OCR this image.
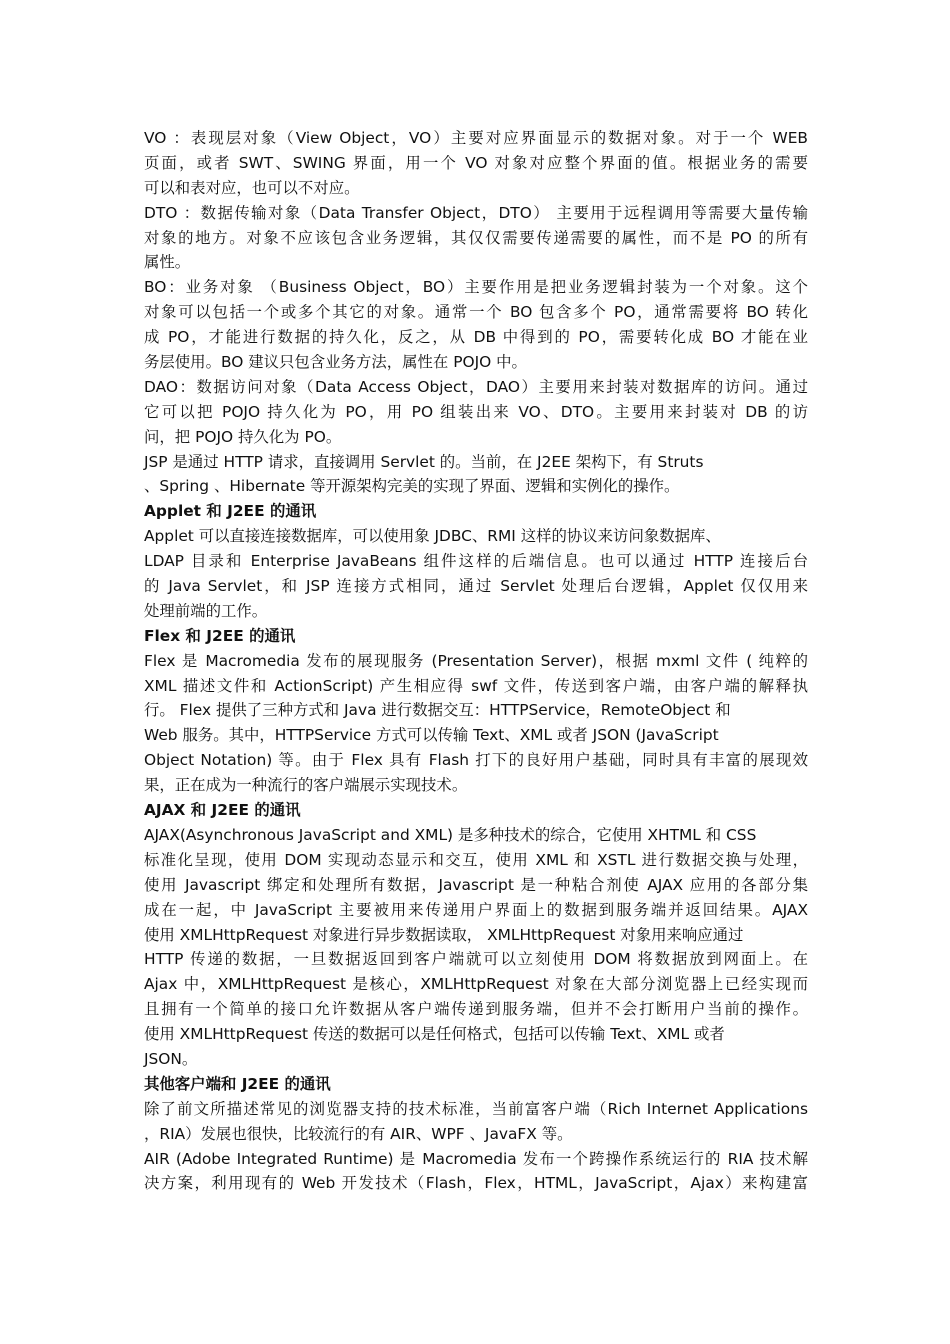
VO ：表现层对象（View Object，VO）主要对应界面显示的数据对象。对于一个 WEB
页面，或者 SWT、SWING 界面，用一个 VO 对象对应整个界面的值。根据业务的需要
可以和表对应，也可以不对应。
DTO ：数据传输对象（Data Transfer Object，DTO） 主要用于远程调用等需要大量传输
对象的地方。对象不应该包含业务逻辑，其仅仅需要传递需要的属性，而不是 PO 的所有
属性。
BO：业务对象 （Business Object，BO）主要作用是把业务逻辑封装为一个对象。这个
对象可以包括一个或多个其它的对象。通常一个 BO 包含多个 PO，通常需要将 BO 转化
成 PO，才能进行数据的持久化，反之，从 DB 中得到的 PO，需要转化成 BO 才能在业
务层使用。BO 建议只包含业务方法，属性在 POJO 中。
DAO：数据访问对象（Data Access Object，DAO）主要用来封装对数据库的访问。通过
它可以把 POJO 持久化为 PO，用 PO 组装出来 VO、DTO。主要用来封装对 DB 的访
问，把 POJO 持久化为 PO。
JSP 是通过 HTTP 请求，直接调用 Servlet 的。当前，在 J2EE 架构下，有 Struts
、Spring 、Hibernate 等开源架构完美的实现了界面、逻辑和实例化的操作。
Applet 和 J2EE 的通讯
Applet 可以直接连接数据库，可以使用象 JDBC、RMI 这样的协议来访问象数据库、
LDAP 目录和 Enterprise JavaBeans 组件这样的后端信息。也可以通过 HTTP 连接后台
的 Java Servlet，和 JSP 连接方式相同，通过 Servlet 处理后台逻辑，Applet 仅仅用来
处理前端的工作。
Flex 和 J2EE 的通讯
Flex 是 Macromedia 发布的展现服务 (Presentation Server)，根据 mxml 文件 ( 纯粹的
XML 描述文件和 ActionScript) 产生相应得 swf 文件，传送到客户端，由客户端的解释执
行。 Flex 提供了三种方式和 Java 进行数据交互：HTTPService，RemoteObject 和
Web 服务。其中，HTTPService 方式可以传输 Text、XML 或者 JSON (JavaScript
Object Notation) 等。由于 Flex 具有 Flash 打下的良好用户基础，同时具有丰富的展现效
果，正在成为一种流行的客户端展示实现技术。
AJAX 和 J2EE 的通讯
AJAX(Asynchronous JavaScript and XML) 是多种技术的综合，它使用 XHTML 和 CSS
标准化呈现，使用 DOM 实现动态显示和交互，使用 XML 和 XSTL 进行数据交换与处理，
使用 Javascript 绑定和处理所有数据，Javascript 是一种粘合剂使 AJAX 应用的各部分集
成在一起，中 JavaScript 主要被用来传递用户界面上的数据到服务端并返回结果。AJAX
使用 XMLHttpRequest 对象进行异步数据读取， XMLHttpRequest 对象用来响应通过
HTTP 传递的数据，一旦数据返回到客户端就可以立刻使用 DOM 将数据放到网面上。在
Ajax 中，XMLHttpRequest 是核心，XMLHttpRequest 对象在大部分浏览器上已经实现而
且拥有一个简单的接口允许数据从客户端传递到服务端，但并不会打断用户当前的操作。
使用 XMLHttpRequest 传送的数据可以是任何格式，包括可以传输 Text、XML 或者
JSON。
其他客户端和 J2EE 的通讯
除了前文所描述常见的浏览器支持的技术标准，当前富客户端（Rich Internet Applications
，RIA）发展也很快，比较流行的有 AIR、WPF 、JavaFX 等。
AIR (Adobe Integrated Runtime) 是 Macromedia 发布一个跨操作系统运行的 RIA 技术解
决方案，利用现有的 Web 开发技术（Flash，Flex，HTML，JavaScript，Ajax）来构建富
